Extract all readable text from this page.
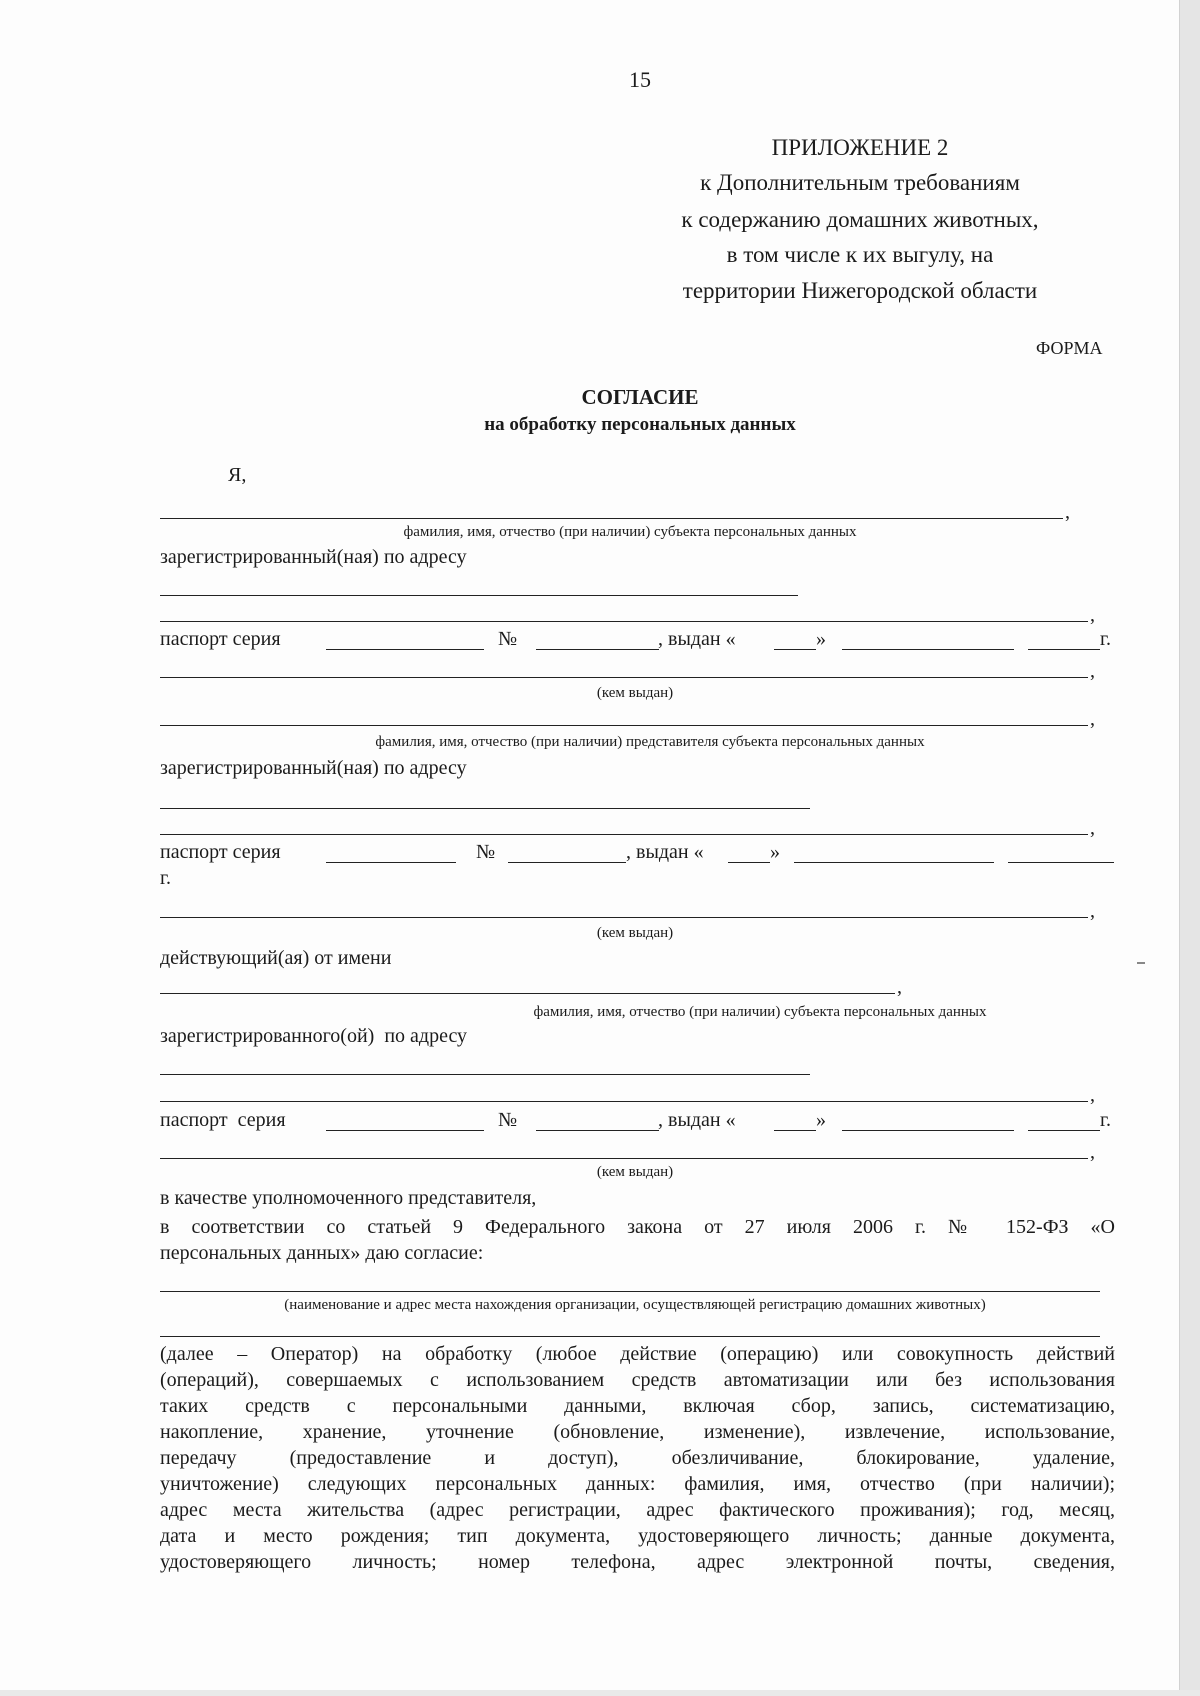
15
ПРИЛОЖЕНИЕ 2
к Дополнительным требованиям
к содержанию домашних животных,
в том числе к их выгулу, на
территории Нижегородской области
ФОРМА
СОГЛАСИЕ
на обработку персональных данных
Я,
,
фамилия, имя, отчество (при наличии) субъекта персональных данных
зарегистрированный(ная) по адресу
,
паспорт серия	№	, выдан «	»	г.
,
(кем выдан)
,
фамилия, имя, отчество (при наличии) представителя субъекта персональных данных
зарегистрированный(ная) по адресу
,
паспорт серия	№	, выдан «	»
г.
,
(кем выдан)
действующий(ая) от имени
,
фамилия, имя, отчество (при наличии) субъекта персональных данных
зарегистрированного(ой)  по адресу
,
паспорт  серия	№	, выдан «	»	г.
,
(кем выдан)
в качестве уполномоченного представителя,
в соответствии со статьей 9 Федерального закона от 27 июля 2006 г. № 152-ФЗ «О
персональных данных» даю согласие:
(наименование и адрес места нахождения организации, осуществляющей регистрацию домашних животных)
(далее – Оператор) на обработку (любое действие (операцию) или совокупность действий
(операций), совершаемых с использованием средств автоматизации или без использования
таких средств с персональными данными, включая сбор, запись, систематизацию,
накопление, хранение, уточнение (обновление, изменение), извлечение, использование,
передачу (предоставление и доступ), обезличивание, блокирование, удаление,
уничтожение) следующих персональных данных: фамилия, имя, отчество (при наличии);
адрес места жительства (адрес регистрации, адрес фактического проживания); год, месяц,
дата и место рождения; тип документа, удостоверяющего личность; данные документа,
удостоверяющего личность; номер телефона, адрес электронной почты, сведения,
